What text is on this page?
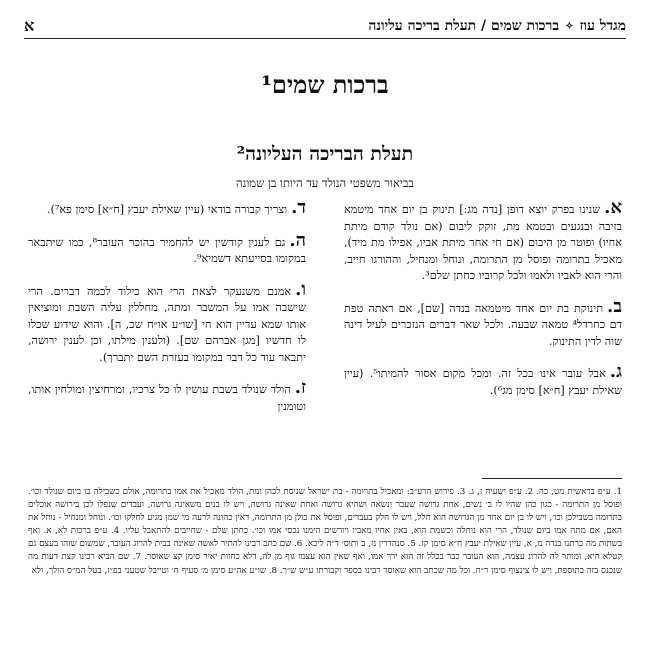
מגדל עוז
✧
ברכות שמים / תעלת בריכה עליונה
א
ברכות שמים¹
תעלת הבריכה העליונה²
בביאור משפטי הנולד עד היותו בן שמונה

א.שנינו בפרק יוצא דופן [נדה מג:] תינוק בן יום אחד מיטמא בזיבה ובנגעים ובטמא מת, זוקק ליבום (אם נולד קודם מיתת אחיו) ופוטר מן היבום (אם חי אחר מיתת אביו, אפילו מת מיד), מאכיל בתרומה ופוסל מן התרומה, ונוחל ומנחיל, וההורגו חייב, והרי הוא לאביו ולאמו ולכל קרוביו כחתן שלם³.

ב.תינוקת בת יום אחד מיטמאה בנדה [שם], אם ראתה טפת דם כחרדל⁴ טמאה שבעה. ולכל שאר דברים הנזכרים לעיל דינה שוה לדין התינוק.

ג.אבל עובר אינו בכל זה. ומכל מקום אסור להמיתו⁵. (עיין שאילת יעבץ [ח״א] סימן מג⁶).

ד.וצריך קבורה בודאי (עיין שאילת יעבץ [ח״א] סימן פא⁷).

ה.גם לענין קודשין יש להחמיר בהוכר העובר⁸, כמו שיתבאר במקומו בסייעתא דשמיא⁹.

ו.אמנם משנעקר לצאת הרי הוא כילוד לכמה דברים. הרי שישבה אמו על המשבר ומתה, מחללין עליה השבת ומוציאין אותו שמא עדיין הוא חי [שו״ע או״ח שכ, ה]. והוא שידוע שכלו לו חדשיו [מגן אברהם שם]. (ולענין מילתו, וכן לענין ירושה, יתבאר עוד כל דבר במקומו בעזרת השם יתברך).

ז.הולד שנולד בשבת עושין לו כל צרכיו, ומרחיצין ומולחין אותו, וטומנין

1. ע״פ בראשית מט, כה. 2. ע״פ ישעיה ז, ג. 3. פירוש הרע״ב: ומאכיל בתרומה - בת ישראל שניסת לכהן ומת, הולד מאכיל את אמו בתרומה, אולם כשבילה בו ביום שנולד וכו׳. ופוסל מן התרומה - כגון כהן שהיו לו ב׳ נשים, אחת גרושה שעבר ונשאה ושהיא גרושה ואחת שאינה גרושה, ויש לו בנים משאינה גרושה, ועבדים שנפלו לכן בירושה אוכלים בתרומה בשבילכן וכו׳, ויש לו בן יום אחד מן הגרושה הוא חלל, ויש לו חלק בעבדים, ופוסל את כולן מן התרומה, דאין כהונה לרעה מי שמן מגיע לחלקו וכו׳. ונוחל ומנחיל - נוחל את האם, אם מתה אמו ביום שנולד, הרי הוא נוחלה וכשמת הוא, באין אחיו מאביו ויורשים הימנו נכסי אמו וכו׳. כחתן שלם - שחייבים להתאבל עליו. 4. ע״פ ברכות לא, א. ואף בשתות מה כרתנו בנדה מ, א, עיין שאילת יעבץ ח״א סימן קז. 5. סנהדרין נז, ב ותוס׳ ד״ה ליכא. 6. שם כתב רבינו להתיר לאשה שאינה בבית להרוג העובר, שמשום שזהו בעצם גם קטלא היא, ומותר לה להרוג עצמה, הוא העובר כבר בכלל זה הוא ירך אמו, ואף שאין הוא עצמו גוף מן לה, דלא כחוות יאיר סימן קצ שאוסר. 7. שם הביא רבינו קצת דעות מה שנכנס בזה בתוספת, ויש לו צינצוף סימן ר״ח. וכל מה שכתב הוא שאוסר רבינו בספר וקבורתו ע״ש ש״ך. 8. שו״ע אה״ע סימן מ׳ סעיף ח׳ וטייבל שטעני בפ״ז, בטל המ״ס הולך, ולא
